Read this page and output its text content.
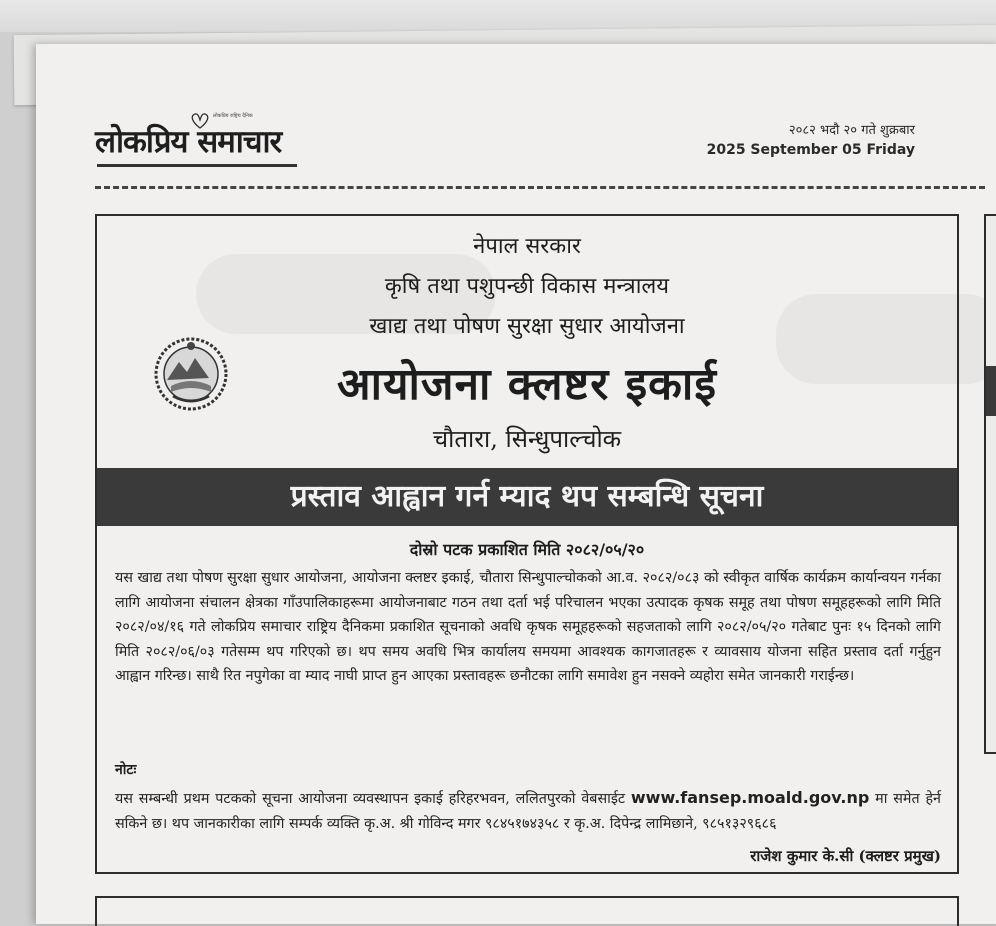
लोकप्रिय राष्ट्रिय दैनिक
लोकप्रिय समाचार	२०८२ भदौ २० गते शुक्रबार
2025 September 05 Friday
नेपाल सरकार
कृषि तथा पशुपन्छी विकास मन्त्रालय
खाद्य तथा पोषण सुरक्षा सुधार आयोजना
आयोजना क्लष्टर इकाई
चौतारा, सिन्धुपाल्चोक
प्रस्ताव आह्वान गर्न म्याद थप सम्बन्धि सूचना
दोस्रो पटक प्रकाशित मिति २०८२/०५/२०
यस खाद्य तथा पोषण सुरक्षा सुधार आयोजना, आयोजना क्लष्टर इकाई, चौतारा सिन्धुपाल्चोकको आ.व. २०८२/०८३ को स्वीकृत वार्षिक कार्यक्रम कार्यान्वयन गर्नका लागि आयोजना संचालन क्षेत्रका गाँउपालिकाहरूमा आयोजनाबाट गठन तथा दर्ता भई परिचालन भएका उत्पादक कृषक समूह तथा पोषण समूहहरूको लागि मिति २०८२/०४/१६ गते लोकप्रिय समाचार राष्ट्रिय दैनिकमा प्रकाशित सूचनाको अवधि कृषक समूहहरूको सहजताको लागि २०८२/०५/२० गतेबाट पुनः १५ दिनको लागि मिति २०८२/०६/०३ गतेसम्म थप गरिएको छ। थप समय अवधि भित्र कार्यालय समयमा आवश्यक कागजातहरू र व्यावसाय योजना सहित प्रस्ताव दर्ता गर्नुहुन आह्वान गरिन्छ। साथै रित नपुगेका वा म्याद नाघी प्राप्त हुन आएका प्रस्तावहरू छनौटका लागि समावेश हुन नसक्ने व्यहोरा समेत जानकारी गराईन्छ।
नोटः
यस सम्बन्धी प्रथम पटकको सूचना आयोजना व्यवस्थापन इकाई हरिहरभवन, ललितपुरको वेबसाईट www.fansep.moald.gov.np मा समेत हेर्न सकिने छ। थप जानकारीका लागि सम्पर्क व्यक्ति कृ.अ. श्री गोविन्द मगर ९८४५१७४३५८ र कृ.अ. दिपेन्द्र लामिछाने, ९८५१३२९६८६
राजेश कुमार के.सी (क्लष्टर प्रमुख)
